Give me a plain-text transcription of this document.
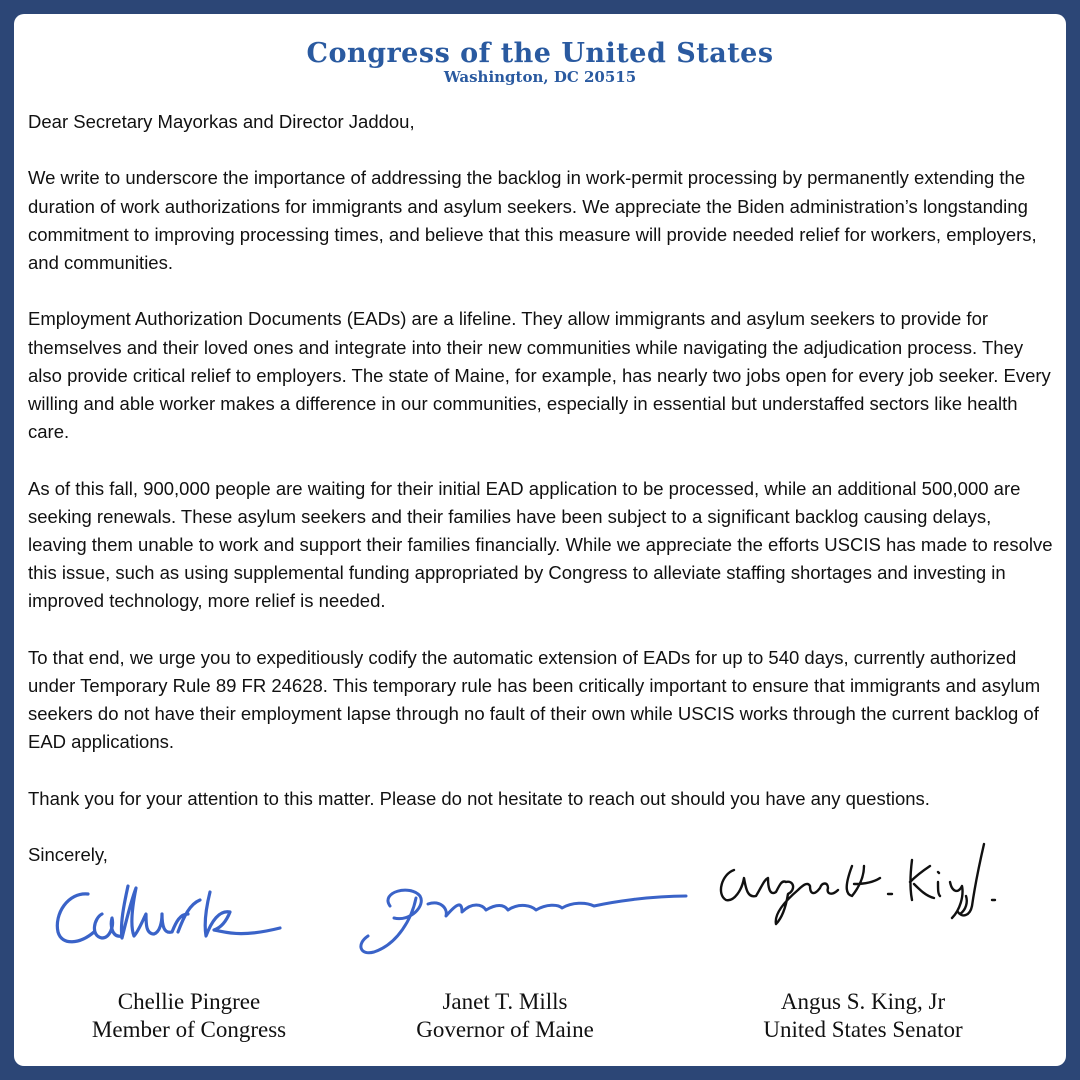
Congress of the United States
Washington, DC 20515

Dear Secretary Mayorkas and Director Jaddou,

We write to underscore the importance of addressing the backlog in work-permit processing by permanently extending the duration of work authorizations for immigrants and asylum seekers. We appreciate the Biden administration’s longstanding commitment to improving processing times, and believe that this measure will provide needed relief for workers, employers, and communities.

Employment Authorization Documents (EADs) are a lifeline. They allow immigrants and asylum seekers to provide for themselves and their loved ones and integrate into their new communities while navigating the adjudication process. They also provide critical relief to employers. The state of Maine, for example, has nearly two jobs open for every job seeker. Every willing and able worker makes a difference in our communities, especially in essential but understaffed sectors like health care.

As of this fall, 900,000 people are waiting for their initial EAD application to be processed, while an additional 500,000 are seeking renewals. These asylum seekers and their families have been subject to a significant backlog causing delays, leaving them unable to work and support their families financially. While we appreciate the efforts USCIS has made to resolve this issue, such as using supplemental funding appropriated by Congress to alleviate staffing shortages and investing in improved technology, more relief is needed.

To that end, we urge you to expeditiously codify the automatic extension of EADs for up to 540 days, currently authorized under Temporary Rule 89 FR 24628. This temporary rule has been critically important to ensure that immigrants and asylum seekers do not have their employment lapse through no fault of their own while USCIS works through the current backlog of EAD applications.

Thank you for your attention to this matter. Please do not hesitate to reach out should you have any questions.

Sincerely,

Chellie Pingree
Member of Congress
Janet T. Mills
Governor of Maine
Angus S. King, Jr
United States Senator
